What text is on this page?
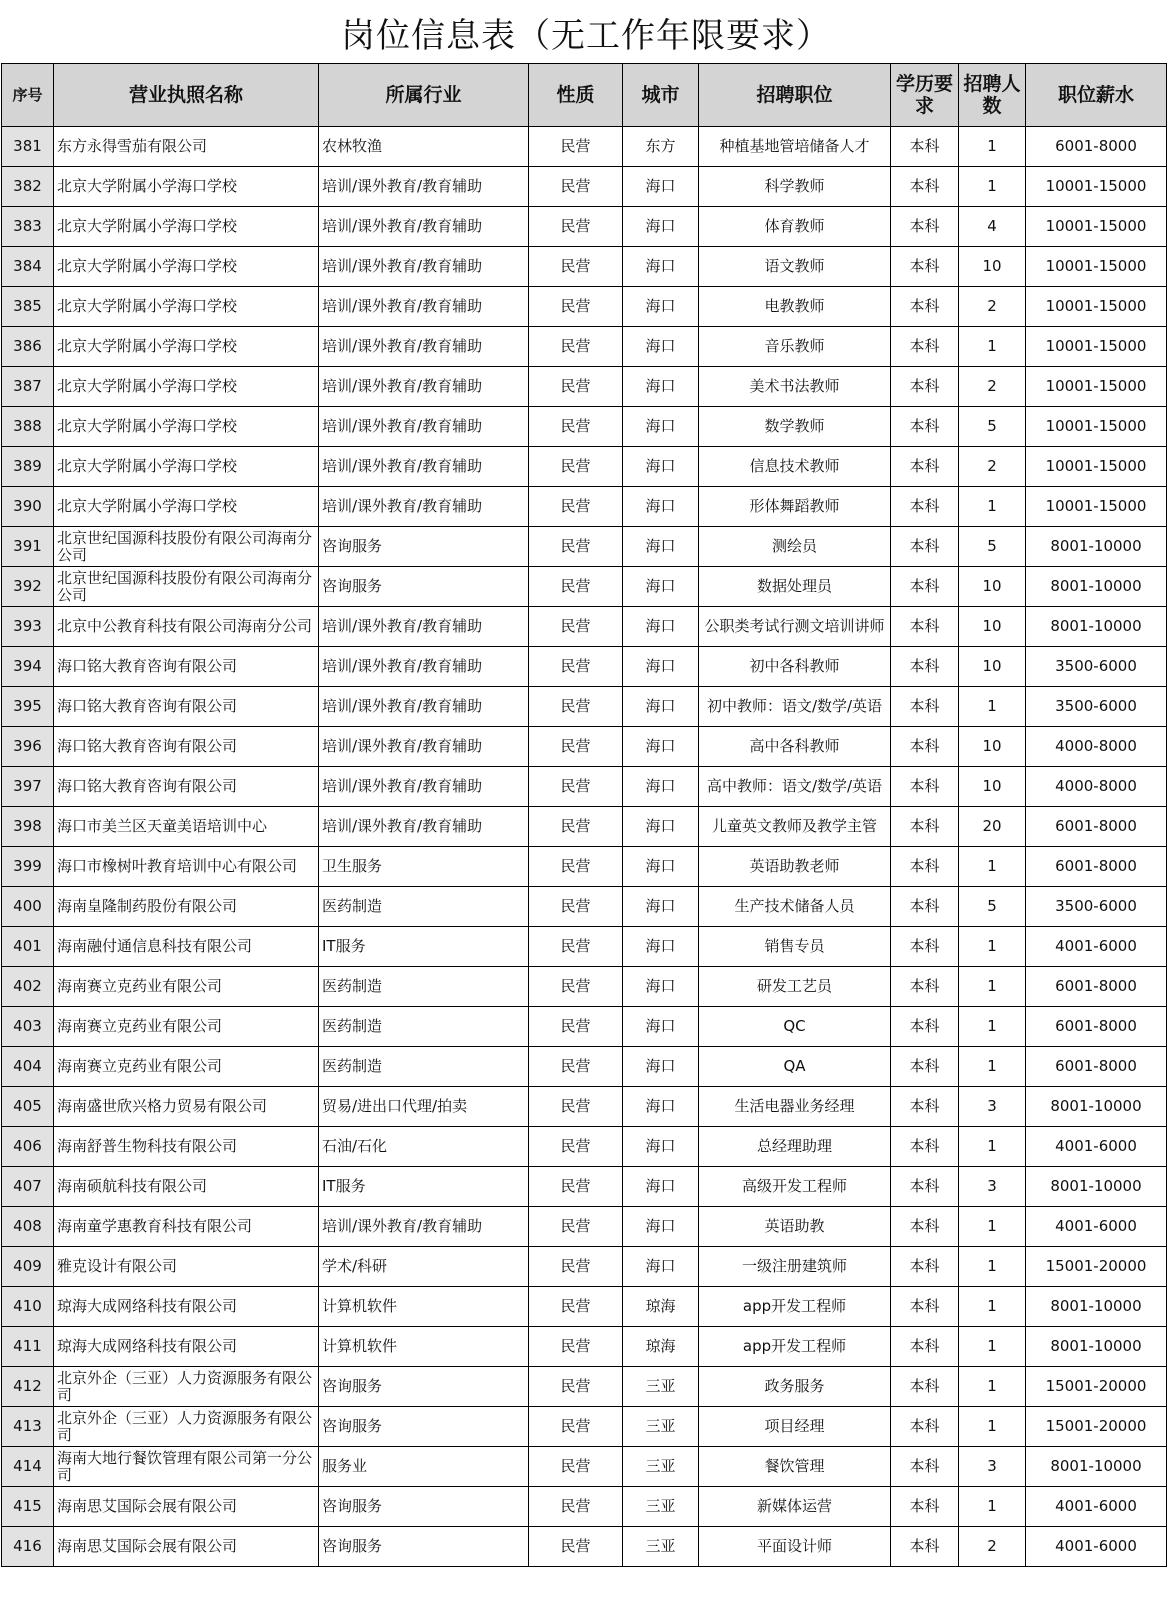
岗位信息表（无工作年限要求）
序号	营业执照名称	所属行业	性质	城市	招聘职位	学历要求	招聘人数	职位薪水
381	东方永得雪茄有限公司	农林牧渔	民营	东方	种植基地管培储备人才	本科	1	6001-8000
382	北京大学附属小学海口学校	培训/课外教育/教育辅助	民营	海口	科学教师	本科	1	10001-15000
383	北京大学附属小学海口学校	培训/课外教育/教育辅助	民营	海口	体育教师	本科	4	10001-15000
384	北京大学附属小学海口学校	培训/课外教育/教育辅助	民营	海口	语文教师	本科	10	10001-15000
385	北京大学附属小学海口学校	培训/课外教育/教育辅助	民营	海口	电教教师	本科	2	10001-15000
386	北京大学附属小学海口学校	培训/课外教育/教育辅助	民营	海口	音乐教师	本科	1	10001-15000
387	北京大学附属小学海口学校	培训/课外教育/教育辅助	民营	海口	美术书法教师	本科	2	10001-15000
388	北京大学附属小学海口学校	培训/课外教育/教育辅助	民营	海口	数学教师	本科	5	10001-15000
389	北京大学附属小学海口学校	培训/课外教育/教育辅助	民营	海口	信息技术教师	本科	2	10001-15000
390	北京大学附属小学海口学校	培训/课外教育/教育辅助	民营	海口	形体舞蹈教师	本科	1	10001-15000
391	北京世纪国源科技股份有限公司海南分公司	咨询服务	民营	海口	测绘员	本科	5	8001-10000
392	北京世纪国源科技股份有限公司海南分公司	咨询服务	民营	海口	数据处理员	本科	10	8001-10000
393	北京中公教育科技有限公司海南分公司	培训/课外教育/教育辅助	民营	海口	公职类考试行测文培训讲师	本科	10	8001-10000
394	海口铭大教育咨询有限公司	培训/课外教育/教育辅助	民营	海口	初中各科教师	本科	10	3500-6000
395	海口铭大教育咨询有限公司	培训/课外教育/教育辅助	民营	海口	初中教师：语文/数学/英语	本科	1	3500-6000
396	海口铭大教育咨询有限公司	培训/课外教育/教育辅助	民营	海口	高中各科教师	本科	10	4000-8000
397	海口铭大教育咨询有限公司	培训/课外教育/教育辅助	民营	海口	高中教师：语文/数学/英语	本科	10	4000-8000
398	海口市美兰区天童美语培训中心	培训/课外教育/教育辅助	民营	海口	儿童英文教师及教学主管	本科	20	6001-8000
399	海口市橡树叶教育培训中心有限公司	卫生服务	民营	海口	英语助教老师	本科	1	6001-8000
400	海南皇隆制药股份有限公司	医药制造	民营	海口	生产技术储备人员	本科	5	3500-6000
401	海南融付通信息科技有限公司	IT服务	民营	海口	销售专员	本科	1	4001-6000
402	海南赛立克药业有限公司	医药制造	民营	海口	研发工艺员	本科	1	6001-8000
403	海南赛立克药业有限公司	医药制造	民营	海口	QC	本科	1	6001-8000
404	海南赛立克药业有限公司	医药制造	民营	海口	QA	本科	1	6001-8000
405	海南盛世欣兴格力贸易有限公司	贸易/进出口代理/拍卖	民营	海口	生活电器业务经理	本科	3	8001-10000
406	海南舒普生物科技有限公司	石油/石化	民营	海口	总经理助理	本科	1	4001-6000
407	海南硕航科技有限公司	IT服务	民营	海口	高级开发工程师	本科	3	8001-10000
408	海南童学惠教育科技有限公司	培训/课外教育/教育辅助	民营	海口	英语助教	本科	1	4001-6000
409	雅克设计有限公司	学术/科研	民营	海口	一级注册建筑师	本科	1	15001-20000
410	琼海大成网络科技有限公司	计算机软件	民营	琼海	app开发工程师	本科	1	8001-10000
411	琼海大成网络科技有限公司	计算机软件	民营	琼海	app开发工程师	本科	1	8001-10000
412	北京外企（三亚）人力资源服务有限公司	咨询服务	民营	三亚	政务服务	本科	1	15001-20000
413	北京外企（三亚）人力资源服务有限公司	咨询服务	民营	三亚	项目经理	本科	1	15001-20000
414	海南大地行餐饮管理有限公司第一分公司	服务业	民营	三亚	餐饮管理	本科	3	8001-10000
415	海南思艾国际会展有限公司	咨询服务	民营	三亚	新媒体运营	本科	1	4001-6000
416	海南思艾国际会展有限公司	咨询服务	民营	三亚	平面设计师	本科	2	4001-6000
